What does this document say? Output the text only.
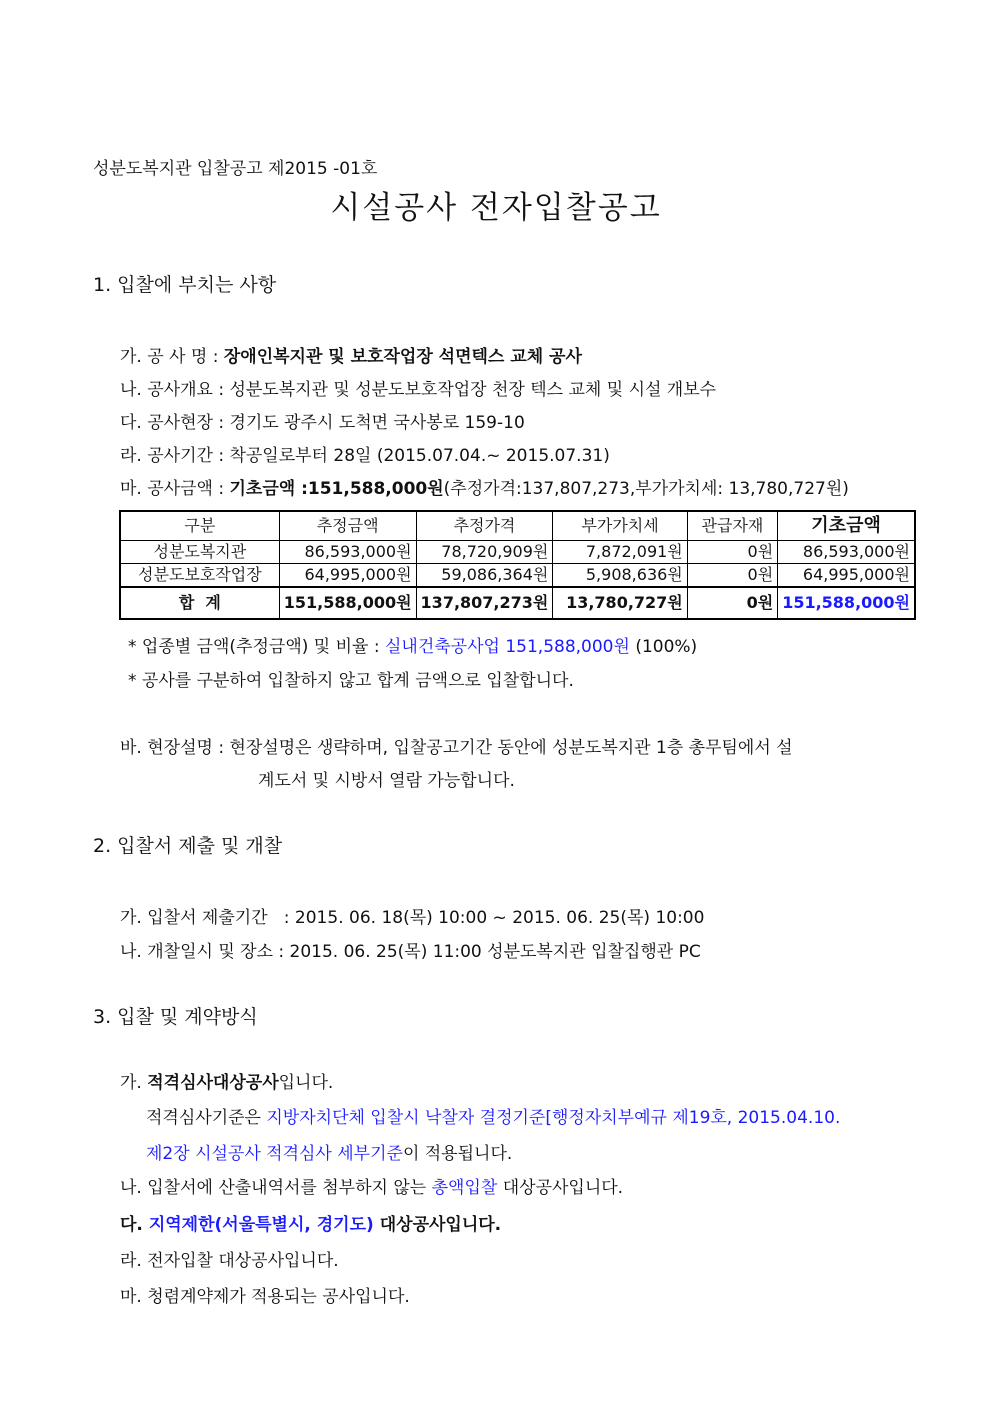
성분도복지관 입찰공고 제2015 -01호
시설공사 전자입찰공고
1. 입찰에 부치는 사항
가. 공 사 명 : 장애인복지관 및 보호작업장 석면텍스 교체 공사
나. 공사개요 : 성분도복지관 및 성분도보호작업장 천장 텍스 교체 및 시설 개보수
다. 공사현장 : 경기도 광주시 도척면 국사봉로 159-10
라. 공사기간 : 착공일로부터 28일 (2015.07.04.~ 2015.07.31)
마. 공사금액 : 기초금액 :151,588,000원(추정가격:137,807,273,부가가치세: 13,780,727원)
구분	추정금액	추정가격	부가가치세	관급자재	기초금액
성분도복지관	86,593,000원	78,720,909원	7,872,091원	0원	86,593,000원
성분도보호작업장	64,995,000원	59,086,364원	5,908,636원	0원	64,995,000원
합  계	151,588,000원	137,807,273원	13,780,727원	0원	151,588,000원
* 업종별 금액(추정금액) 및 비율 : 실내건축공사업 151,588,000원 (100%)
* 공사를 구분하여 입찰하지 않고 합계 금액으로 입찰합니다.
바. 현장설명 : 현장설명은 생략하며, 입찰공고기간 동안에 성분도복지관 1층 총무팀에서 설
계도서 및 시방서 열람 가능합니다.
2. 입찰서 제출 및 개찰
가. 입찰서 제출기간   : 2015. 06. 18(목) 10:00 ~ 2015. 06. 25(목) 10:00
나. 개찰일시 및 장소 : 2015. 06. 25(목) 11:00 성분도복지관 입찰집행관 PC
3. 입찰 및 계약방식
가. 적격심사대상공사입니다.
적격심사기준은 지방자치단체 입찰시 낙찰자 결정기준[행정자치부예규 제19호, 2015.04.10.
제2장 시설공사 적격심사 세부기준이 적용됩니다.
나. 입찰서에 산출내역서를 첨부하지 않는 총액입찰 대상공사입니다.
다. 지역제한(서울특별시, 경기도) 대상공사입니다.
라. 전자입찰 대상공사입니다.
마. 청렴계약제가 적용되는 공사입니다.
